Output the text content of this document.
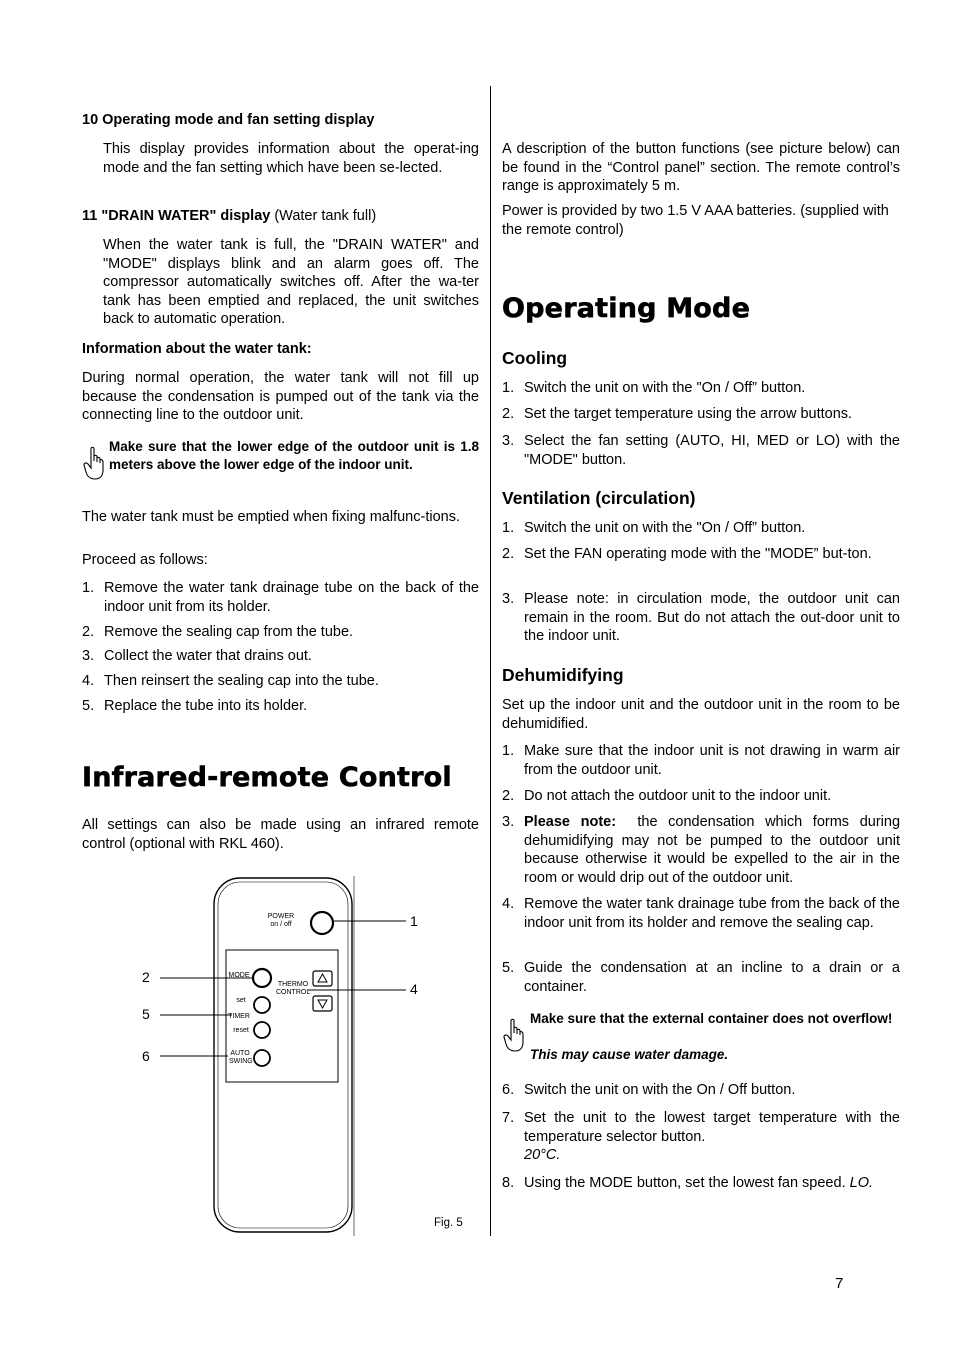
10 Operating mode and fan setting display

This display provides information about the operat-ing mode and the fan setting which have been se-lected.

11 "DRAIN WATER" display (Water tank full)

When the water tank is full, the "DRAIN WATER" and "MODE" displays blink and an alarm goes off. The compressor automatically switches off. After the wa-ter tank has been emptied and replaced, the unit switches back to automatic operation.

Information about the water tank:

During normal operation, the water tank will not fill up because the condensation is pumped out of the tank via the connecting line to the outdoor unit.

Make sure that the lower edge of the outdoor unit is 1.8 meters above the lower edge of the indoor unit.

The water tank must be emptied when fixing malfunc-tions.

Proceed as follows:

1. Remove the water tank drainage tube on the back of the indoor unit from its holder.
2. Remove the sealing cap from the tube.
3. Collect the water that drains out.
4. Then reinsert the sealing cap into the tube.
5. Replace the tube into its holder.

Infrared-remote Control

All settings can also be made using an infrared remote control (optional with RKL 460).

POWER on / off
MODE
THERMO CONTROL
set
TIMER
reset
AUTO SWING
1
2
4
5
6
Fig. 5

A description of the button functions (see picture below) can be found in the “Control panel” section. The remote control’s range is approximately 5 m.

Power is provided by two 1.5 V AAA batteries. (supplied with the remote control)

Operating Mode

Cooling

1. Switch the unit on with the "On / Off” button.
2. Set the target temperature using the arrow buttons.
3. Select the fan setting (AUTO, HI, MED or LO) with the "MODE" button.

Ventilation (circulation)

1. Switch the unit on with the "On / Off” button.
2. Set the FAN operating mode with the "MODE” but-ton.
3. Please note: in circulation mode, the outdoor unit can remain in the room. But do not attach the out-door unit to the indoor unit.

Dehumidifying

Set up the indoor unit and the outdoor unit in the room to be dehumidified.

1. Make sure that the indoor unit is not drawing in warm air from the outdoor unit.
2. Do not attach the outdoor unit to the indoor unit.
3. Please note: the condensation which forms during dehumidifying may not be pumped to the outdoor unit because otherwise it would be expelled to the air in the room or would drip out of the outdoor unit.
4. Remove the water tank drainage tube from the back of the indoor unit from its holder and remove the sealing cap.
5. Guide the condensation at an incline to a drain or a container.

Make sure that the external container does not overflow!

This may cause water damage.

6. Switch the unit on with the On / Off button.
7. Set the unit to the lowest target temperature with the temperature selector button.
20°C.
8. Using the MODE button, set the lowest fan speed. LO.
7
